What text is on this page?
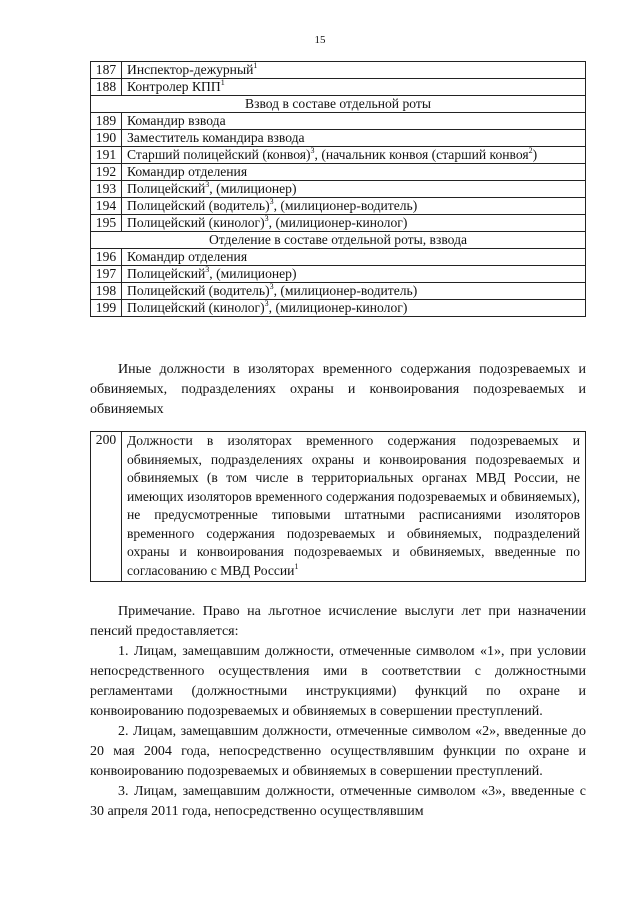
15
187	Инспектор-дежурный$^1$
188	Контролер КПП$^1$
Взвод в составе отдельной роты	
189	Командир взвода
190	Заместитель командира взвода
191	Старший полицейский (конвоя)$^3$, (начальник конвоя (старший конвоя$^2$)
192	Командир отделения
193	Полицейский$^3$, (милиционер)
194	Полицейский (водитель)$^3$, (милиционер-водитель)
195	Полицейский (кинолог)$^3$, (милиционер-кинолог)
Отделение в составе отдельной роты, взвода	
196	Командир отделения
197	Полицейский$^3$, (милиционер)
198	Полицейский (водитель)$^3$, (милиционер-водитель)
199	Полицейский (кинолог)$^3$, (милиционер-кинолог)
Иные должности в изоляторах временного содержания подозреваемых и обвиняемых, подразделениях охраны и конвоирования подозреваемых и обвиняемых
200	Должности в изоляторах временного содержания подозреваемых и обвиняемых, подразделениях охраны и конвоирования подозреваемых и обвиняемых (в том числе в территориальных органах МВД России, не имеющих изоляторов временного содержания подозреваемых и обвиняемых), не предусмотренные типовыми штатными расписаниями изоляторов временного содержания подозреваемых и обвиняемых, подразделений охраны и конвоирования подозреваемых и обвиняемых, введенные по согласованию с МВД России$^1$

Примечание. Право на льготное исчисление выслуги лет при назначении пенсий предоставляется:

1. Лицам, замещавшим должности, отмеченные символом «1», при условии непосредственного осуществления ими в соответствии с должностными регламентами (должностными инструкциями) функций по охране и конвоированию подозреваемых и обвиняемых в совершении преступлений.

2. Лицам, замещавшим должности, отмеченные символом «2», введенные до 20 мая 2004 года, непосредственно осуществлявшим функции по охране и конвоированию подозреваемых и обвиняемых в совершении преступлений.

3. Лицам, замещавшим должности, отмеченные символом «3», введенные с 30 апреля 2011 года, непосредственно осуществлявшим
